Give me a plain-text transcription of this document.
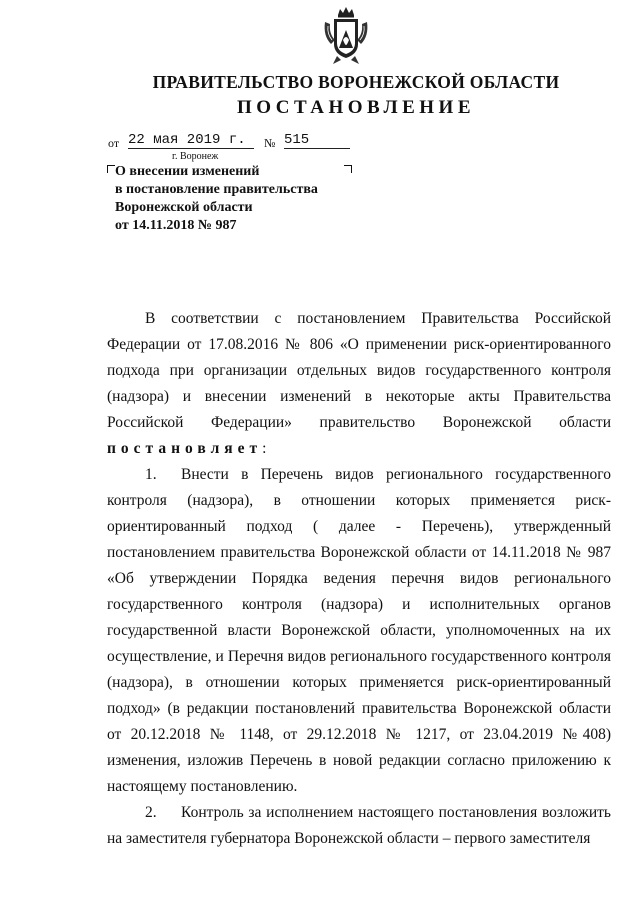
ПРАВИТЕЛЬСТВО ВОРОНЕЖСКОЙ ОБЛАСТИ
ПОСТАНОВЛЕНИЕ
от 22 мая 2019 г.	№ 515
г. Воронеж
О внесении изменений
в постановление правительства
Воронежской области
от 14.11.2018 № 987

В соответствии с постановлением Правительства Российской Федерации от 17.08.2016 № 806 «О применении риск-ориентированного подхода при организации отдельных видов государственного контроля (надзора) и внесении изменений в некоторые акты Правительства Российской Федерации» правительство Воронежской области постановляет:

1. Внести в Перечень видов регионального государственного контроля (надзора), в отношении которых применяется риск-ориентированный подход ( далее - Перечень), утвержденный постановлением правительства Воронежской области от 14.11.2018 № 987 «Об утверждении Порядка ведения перечня видов регионального государственного контроля (надзора) и исполнительных органов государственной власти Воронежской области, уполномоченных на их осуществление, и Перечня видов регионального государственного контроля (надзора), в отношении которых применяется риск-ориентированный подход» (в редакции постановлений правительства Воронежской области от 20.12.2018 № 1148, от 29.12.2018 № 1217, от 23.04.2019 №408) изменения, изложив Перечень в новой редакции согласно приложению к настоящему постановлению.

2. Контроль за исполнением настоящего постановления возложить на заместителя губернатора Воронежской области – первого заместителя
